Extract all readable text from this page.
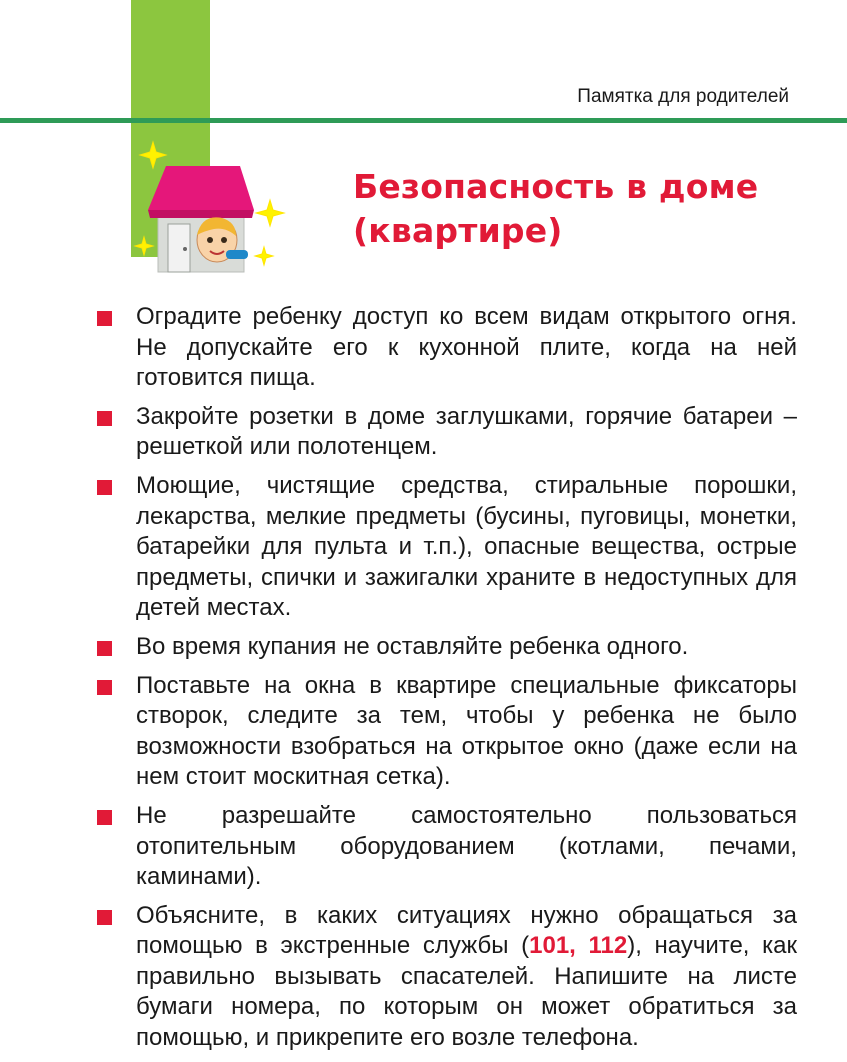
Памятка для родителей
Безопасность в доме
(квартире)
Оградите ребенку доступ ко всем видам открытого огня. Не допускайте его к кухонной плите, когда на ней готовится пища.
Закройте розетки в доме заглушками, горячие батареи – решеткой или полотенцем.
Моющие, чистящие средства, стиральные порошки, лекарства, мелкие предметы (бусины, пуговицы, монетки, батарейки для пульта и т.п.), опасные вещества, острые предметы, спички и зажигалки храните в недоступных для детей местах.
Во время купания не оставляйте ребенка одного.
Поставьте на окна в квартире специальные фиксаторы створок, следите за тем, чтобы у ребенка не было возможности взобраться на открытое окно (даже если на нем стоит москитная сетка).
Не разрешайте самостоятельно пользоваться отопительным оборудованием (котлами, печами, каминами).
Объясните, в каких ситуациях нужно обращаться за помощью в экстренные службы (101, 112), научите, как правильно вызывать спасателей. Напишите на листе бумаги номера, по которым он может обратиться за помощью, и прикрепите его возле телефона.
